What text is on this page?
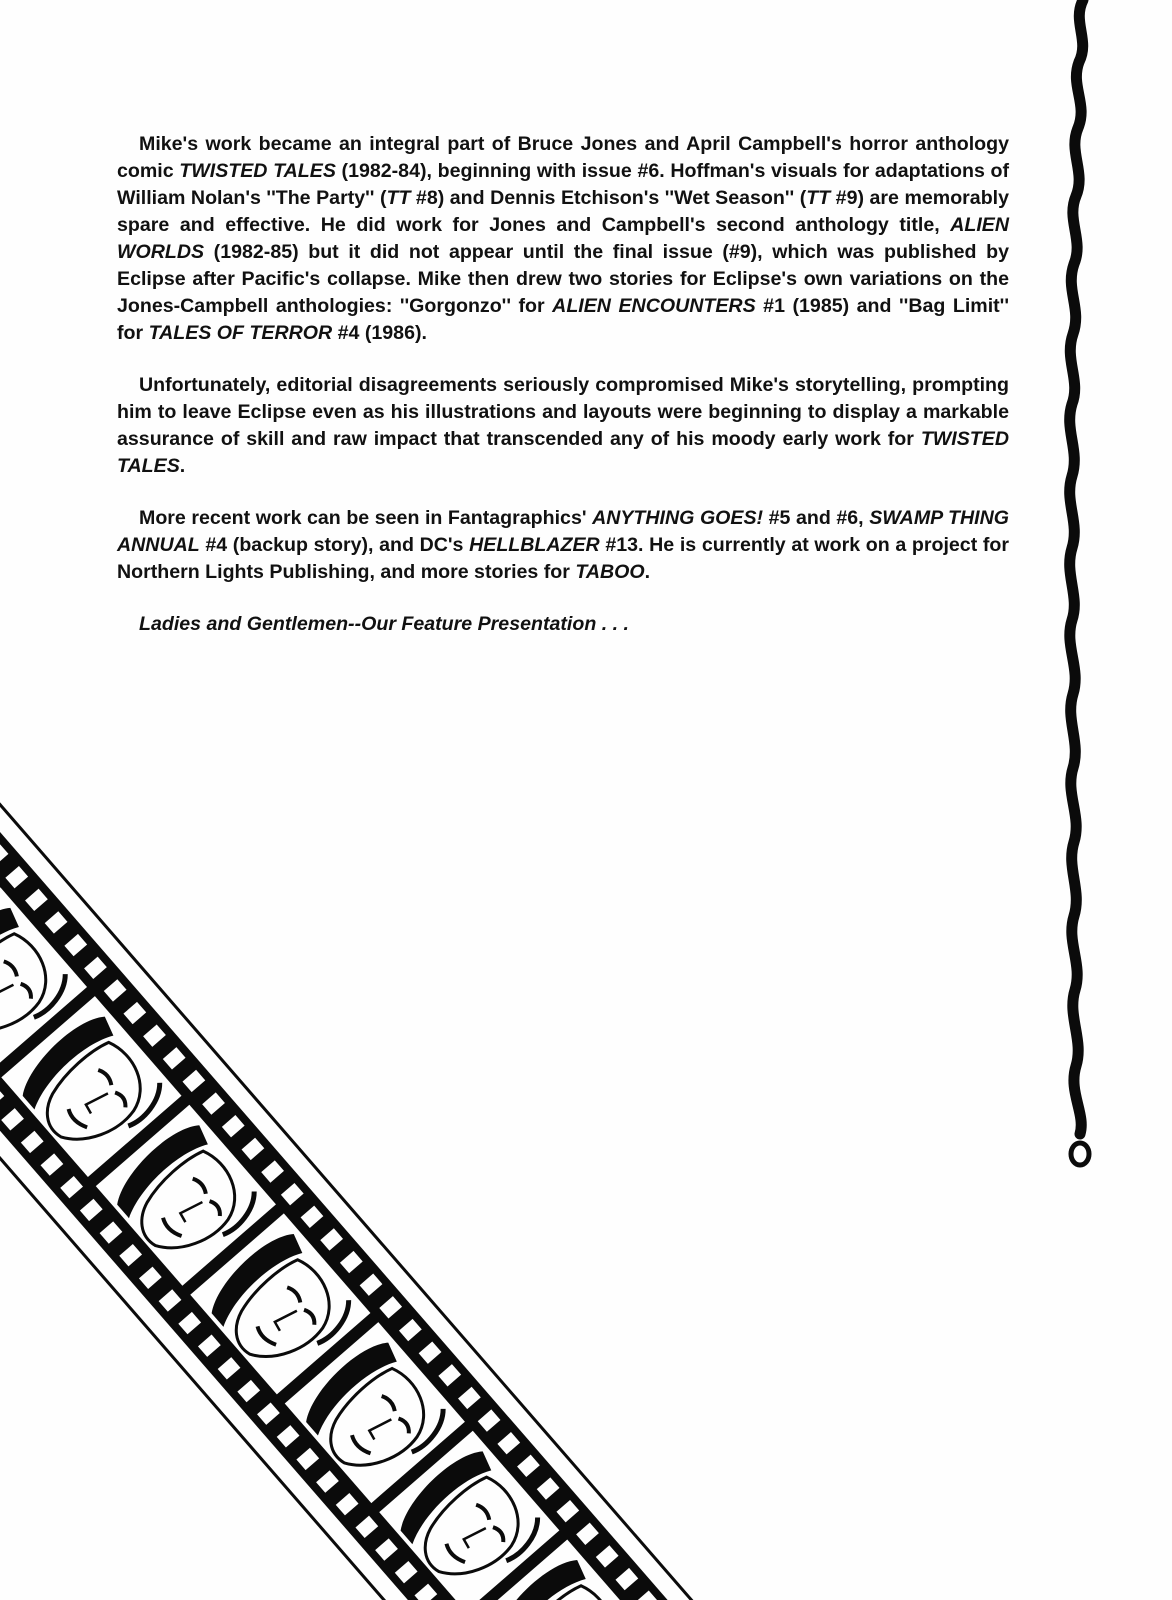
Mike's work became an integral part of Bruce Jones and April Campbell's horror anthology comic TWISTED TALES (1982-84), beginning with issue #6. Hoffman's visuals for adaptations of William Nolan's ''The Party'' (TT #8) and Dennis Etchison's ''Wet Season'' (TT #9) are memorably spare and effective. He did work for Jones and Campbell's second anthology title, ALIEN WORLDS (1982-85) but it did not appear until the final issue (#9), which was published by Eclipse after Pacific's collapse. Mike then drew two stories for Eclipse's own variations on the Jones-Campbell anthologies: ''Gorgonzo'' for ALIEN ENCOUNTERS #1 (1985) and ''Bag Limit'' for TALES OF TERROR #4 (1986).

Unfortunately, editorial disagreements seriously compromised Mike's storytelling, prompting him to leave Eclipse even as his illustrations and layouts were beginning to display a markable assurance of skill and raw impact that transcended any of his moody early work for TWISTED TALES.

More recent work can be seen in Fantagraphics' ANYTHING GOES! #5 and #6, SWAMP THING ANNUAL #4 (backup story), and DC's HELLBLAZER #13. He is currently at work on a project for Northern Lights Publishing, and more stories for TABOO.

Ladies and Gentlemen--Our Feature Presentation . . .
